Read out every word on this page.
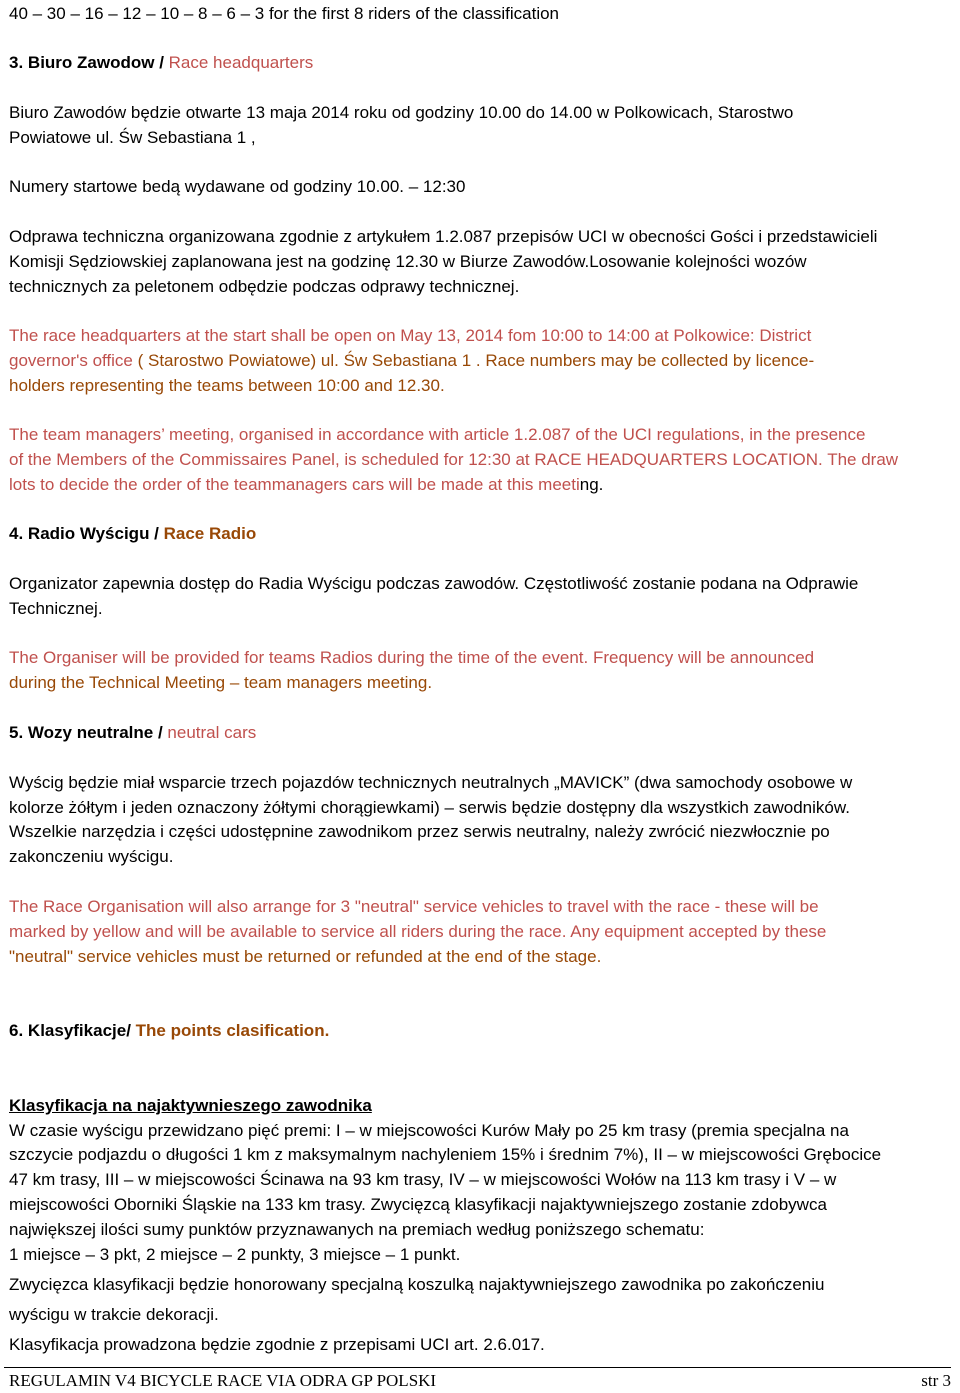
40 – 30 – 16 – 12 – 10 – 8 – 6 – 3 for the first 8 riders of the classification
3. Biuro Zawodow / Race headquarters
Biuro Zawodów będzie otwarte 13 maja 2014 roku od godziny 10.00 do 14.00 w Polkowicach, Starostwo
Powiatowe ul. Św Sebastiana 1 ,
Numery startowe bedą wydawane od godziny 10.00. – 12:30
Odprawa techniczna organizowana zgodnie z artykułem 1.2.087 przepisów UCI w obecności Gości i przedstawicieli
Komisji Sędziowskiej zaplanowana jest na godzinę 12.30 w Biurze Zawodów.Losowanie kolejności wozów
technicznych za peletonem odbędzie podczas odprawy technicznej.
The race headquarters at the start shall be open on May 13, 2014 fom 10:00 to 14:00 at Polkowice: District
governor's office ( Starostwo Powiatowe) ul. Św Sebastiana 1 . Race numbers may be collected by licence-
holders representing the teams between 10:00 and 12.30.
The team managers’ meeting, organised in accordance with article 1.2.087 of the UCI regulations, in the presence
of the Members of the Commissaires Panel, is scheduled for 12:30 at RACE HEADQUARTERS LOCATION. The draw
lots to decide the order of the teammanagers cars will be made at this meeting.
4. Radio Wyścigu / Race Radio
Organizator zapewnia dostęp do Radia Wyścigu podczas zawodów. Częstotliwość zostanie podana na Odprawie
Technicznej.
The Organiser will be provided for teams Radios during the time of the event. Frequency will be announced
during the Technical Meeting – team managers meeting.
5. Wozy neutralne / neutral cars
Wyścig będzie miał wsparcie trzech pojazdów technicznych neutralnych „MAVICK” (dwa samochody osobowe w
kolorze żółtym i jeden oznaczony żółtymi chorągiewkami) – serwis będzie dostępny dla wszystkich zawodników.
Wszelkie narzędzia i części udostępnine zawodnikom przez serwis neutralny, należy zwrócić niezwłocznie po
zakonczeniu wyścigu.
The Race Organisation will also arrange for 3 "neutral" service vehicles to travel with the race - these will be
marked by yellow and will be available to service all riders during the race. Any equipment accepted by these
"neutral" service vehicles must be returned or refunded at the end of the stage.
6. Klasyfikacje/ The points clasification.
Klasyfikacja na najaktywnieszego zawodnika
W czasie wyścigu przewidzano pięć premi: I – w miejscowości Kurów Mały po 25 km trasy (premia specjalna na
szczycie podjazdu o długości 1 km z maksymalnym nachyleniem 15% i średnim 7%), II – w miejscowości Grębocice
47 km trasy, III – w miejscowości Ścinawa na 93 km trasy, IV – w miejscowości Wołów na 113 km trasy i V – w
miejscowości Oborniki Śląskie na 133 km trasy. Zwycięzcą klasyfikacji najaktywniejszego zostanie zdobywca
największej ilości sumy punktów przyznawanych na premiach według poniższego schematu:
1 miejsce – 3 pkt, 2 miejsce – 2 punkty, 3 miejsce – 1 punkt.
Zwycięzca klasyfikacji będzie honorowany specjalną koszulką najaktywniejszego zawodnika po zakończeniu
wyścigu w trakcie dekoracji.
Klasyfikacja prowadzona będzie zgodnie z przepisami UCI art. 2.6.017.
REGULAMIN V4 BICYCLE RACE VIA ODRA GP POLSKI	str 3
